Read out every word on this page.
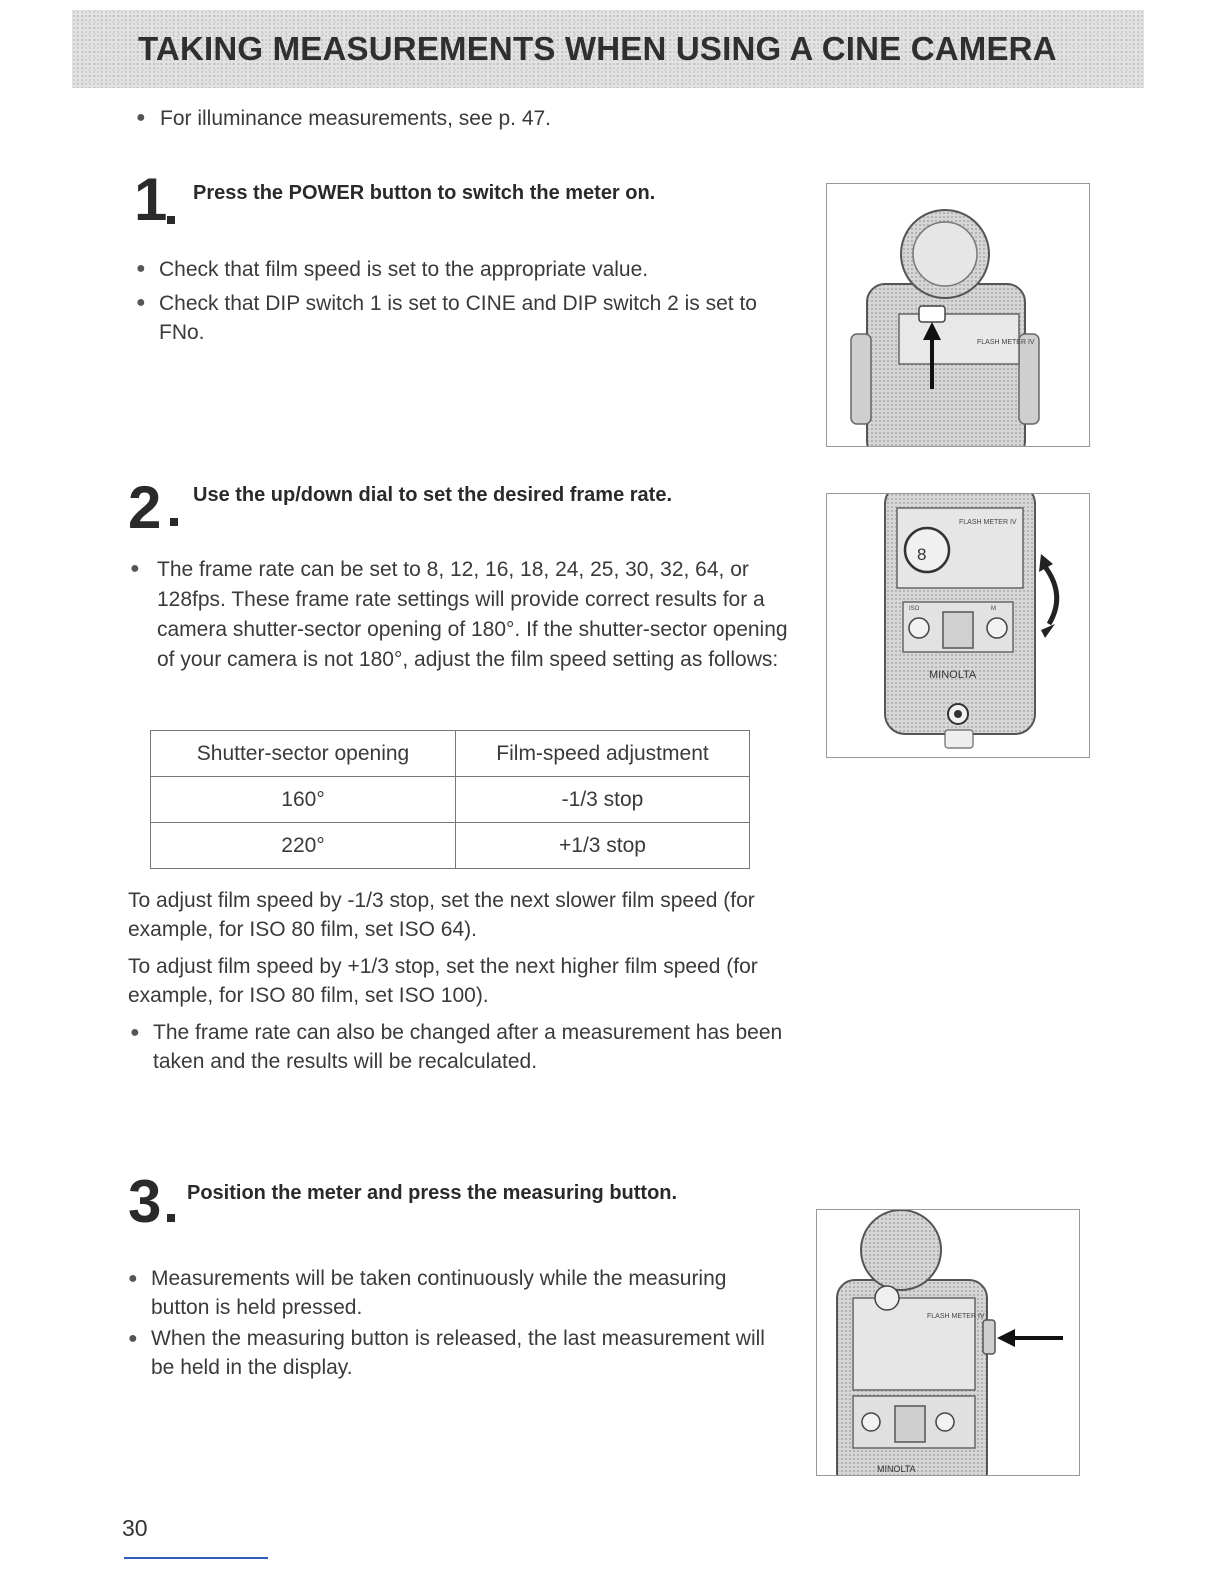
TAKING MEASUREMENTS WHEN USING A CINE CAMERA
● For illuminance measurements, see p. 47.
1 Press the POWER button to switch the meter on.
● Check that film speed is set to the appropriate value.
● Check that DIP switch 1 is set to CINE and DIP switch 2 is set to FNo.	FLASH METER IV
2 Use the up/down dial to set the desired frame rate.
● The frame rate can be set to 8, 12, 16, 18, 24, 25, 30, 32, 64, or 128fps. These frame rate settings will provide correct results for a camera shutter-sector opening of 180°. If the shutter-sector opening of your camera is not 180°, adjust the film speed setting as follows:
Shutter-sector opening	Film-speed adjustment
160°	-1/3 stop
220°	+1/3 stop
To adjust film speed by -1/3 stop, set the next slower film speed (for example, for ISO 80 film, set ISO 64).
To adjust film speed by +1/3 stop, set the next higher film speed (for example, for ISO 80 film, set ISO 100).
● The frame rate can also be changed after a measurement has been taken and the results will be recalculated.
FLASH METER IV
8
ISO	M
MINOLTA
3 Position the meter and press the measuring button.
● Measurements will be taken continuously while the measuring button is held pressed.
● When the measuring button is released, the last measurement will be held in the display.
FLASH METER IV
MINOLTA
30
